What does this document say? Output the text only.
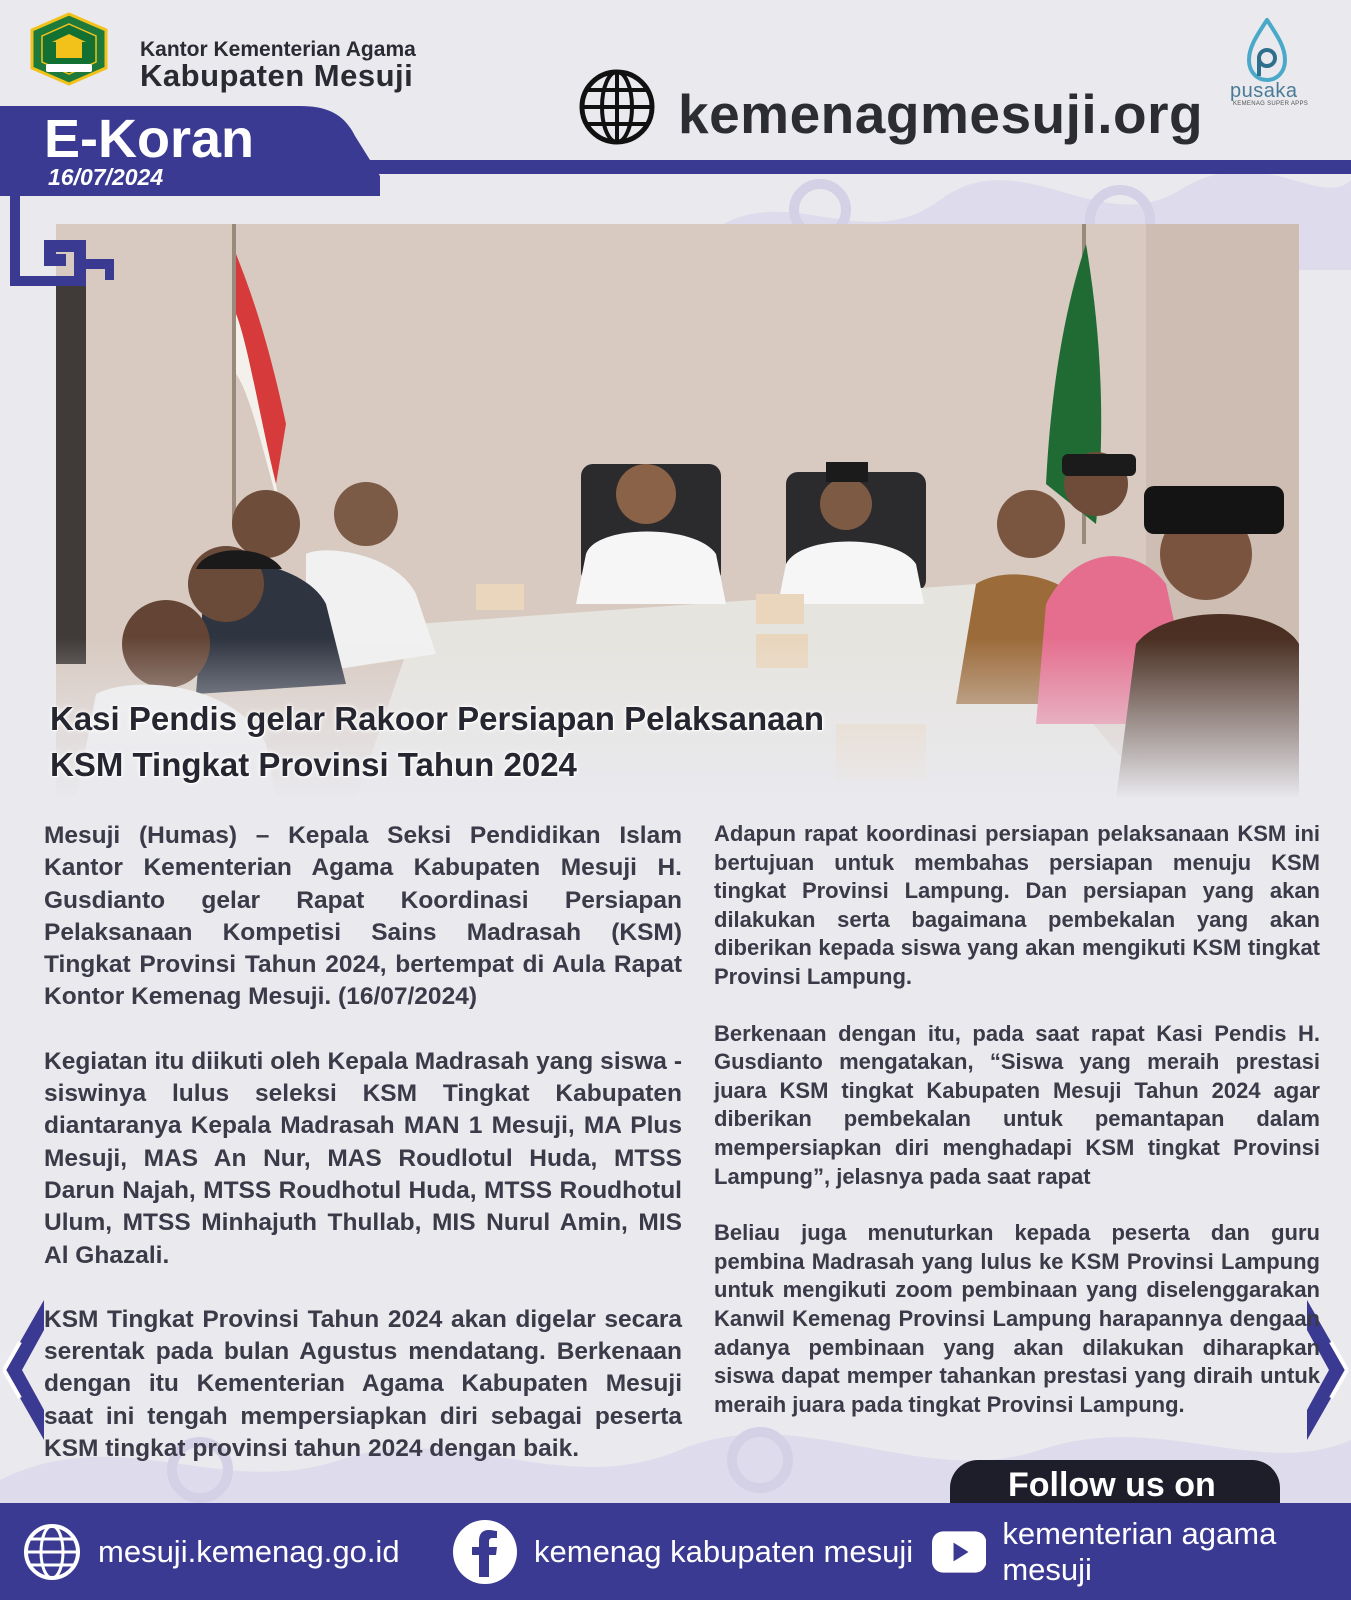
Kantor Kementerian Agama
Kabupaten Mesuji
E-Koran
16/07/2024
kemenagmesuji.org pusaka
KEMENAG SUPER APPS
Kasi Pendis gelar Rakoor Persiapan Pelaksanaan
KSM Tingkat Provinsi Tahun 2024

Mesuji (Humas) – Kepala Seksi Pendidikan Islam Kantor Kementerian Agama Kabupaten Mesuji H. Gusdianto gelar Rapat Koordinasi Persiapan Pelaksanaan Kompetisi Sains Madrasah (KSM) Tingkat Provinsi Tahun 2024, bertempat di Aula Rapat Kontor Kemenag Mesuji. (16/07/2024)

Kegiatan itu diikuti oleh Kepala Madrasah yang siswa - siswinya lulus seleksi KSM Tingkat Kabupaten diantaranya Kepala Madrasah MAN 1 Mesuji, MA Plus Mesuji, MAS An Nur, MAS Roudlotul Huda, MTSS Darun Najah, MTSS Roudhotul Huda, MTSS Roudhotul Ulum, MTSS Minhajuth Thullab, MIS Nurul Amin, MIS Al Ghazali.

KSM Tingkat Provinsi Tahun 2024 akan digelar secara serentak pada bulan Agustus mendatang. Berkenaan dengan itu Kementerian Agama Kabupaten Mesuji saat ini tengah mempersiapkan diri sebagai peserta KSM tingkat provinsi tahun 2024 dengan baik.

Adapun rapat koordinasi persiapan pelaksanaan KSM ini bertujuan untuk membahas persiapan menuju KSM tingkat Provinsi Lampung. Dan persiapan yang akan dilakukan serta bagaimana pembekalan yang akan diberikan kepada siswa yang akan mengikuti KSM tingkat Provinsi Lampung.

Berkenaan dengan itu, pada saat rapat Kasi Pendis H. Gusdianto mengatakan, “Siswa yang meraih prestasi juara KSM tingkat Kabupaten Mesuji Tahun 2024 agar diberikan pembekalan untuk pemantapan dalam mempersiapkan diri menghadapi KSM tingkat Provinsi Lampung”, jelasnya pada saat rapat

Beliau juga menuturkan kepada peserta dan guru pembina Madrasah yang lulus ke KSM Provinsi Lampung untuk mengikuti zoom pembinaan yang diselenggarakan Kanwil Kemenag Provinsi Lampung harapannya dengaan adanya pembinaan yang akan dilakukan diharapkan siswa dapat memper tahankan prestasi yang diraih untuk meraih juara pada tingkat Provinsi Lampung.

Follow us on
mesuji.kemenag.go.id	kemenag kabupaten mesuji
kementerian agama mesuji
